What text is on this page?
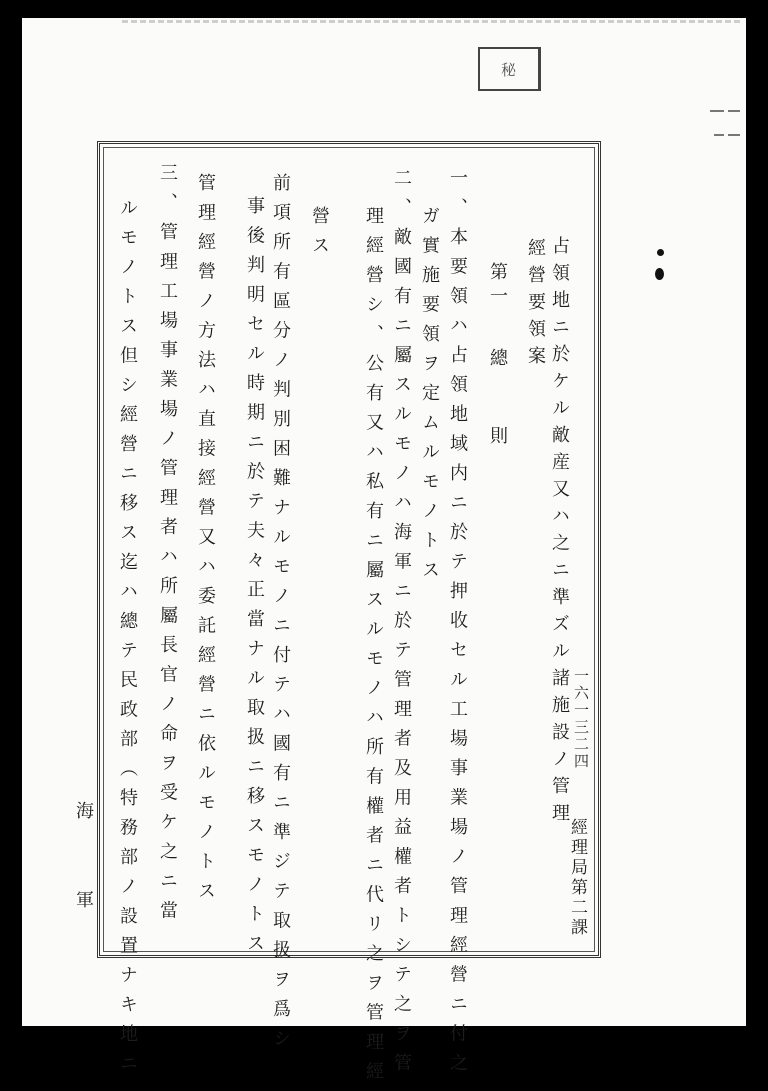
秘
一六一三二四
經理局第二課
占領地ニ於ケル敵産又ハ之ニ準ズル諸施設ノ管理
經營要領案
第一
總則
一、本要領ハ占領地域内ニ於テ押收セル工場事業場ノ管理經營ニ付之
ガ實施要領ヲ定ムルモノトス
二、敵國有ニ屬スルモノハ海軍ニ於テ管理者及用益權者トシテ之ヲ管
理經營シ、公有又ハ私有ニ屬スルモノハ所有權者ニ代リ之ヲ管理經
營ス
前項所有區分ノ判別困難ナルモノニ付テハ國有ニ準ジテ取扱ヲ爲シ
事後判明セル時期ニ於テ夫々正當ナル取扱ニ移スモノトス
管理經營ノ方法ハ直接經營又ハ委託經營ニ依ルモノトス
三、管理工場事業場ノ管理者ハ所屬長官ノ命ヲ受ケ之ニ當
ルモノトス但シ經營ニ移ス迄ハ總テ民政部（特務部ノ設置ナキ地ニ
海
軍
